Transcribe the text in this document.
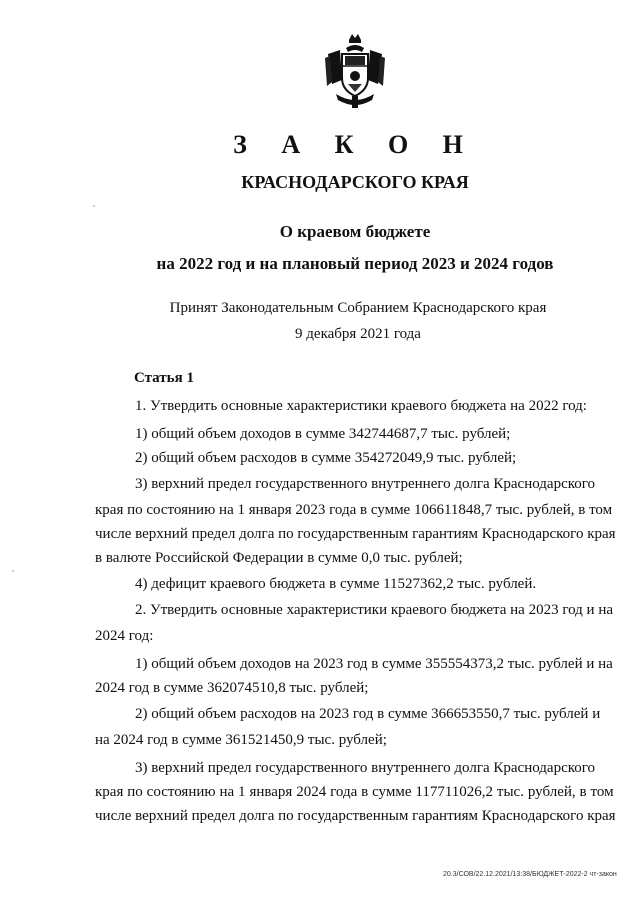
З А К О Н
КРАСНОДАРСКОГО КРАЯ
О краевом бюджете
на 2022 год и на плановый период 2023 и 2024 годов
Принят Законодательным Собранием Краснодарского края
9 декабря 2021 года
Статья 1
1. Утвердить основные характеристики краевого бюджета на 2022 год:
1) общий объем доходов в сумме 342744687,7 тыс. рублей;
2) общий объем расходов в сумме 354272049,9 тыс. рублей;
3) верхний предел государственного внутреннего долга Краснодарского
края по состоянию на 1 января 2023 года в сумме 106611848,7 тыс. рублей, в том
числе верхний предел долга по государственным гарантиям Краснодарского края
в валюте Российской Федерации в сумме 0,0 тыс. рублей;
4) дефицит краевого бюджета в сумме 11527362,2 тыс. рублей.
2. Утвердить основные характеристики краевого бюджета на 2023 год и на
2024 год:
1) общий объем доходов на 2023 год в сумме 355554373,2 тыс. рублей и на
2024 год в сумме 362074510,8 тыс. рублей;
2) общий объем расходов на 2023 год в сумме 366653550,7 тыс. рублей и
на 2024 год в сумме 361521450,9 тыс. рублей;
3) верхний предел государственного внутреннего долга Краснодарского
края по состоянию на 1 января 2024 года в сумме 117711026,2 тыс. рублей, в том
числе верхний предел долга по государственным гарантиям Краснодарского края
20.3/СОВ/22.12.2021/13:38/БЮДЖЕТ-2022-2 чт-закон
